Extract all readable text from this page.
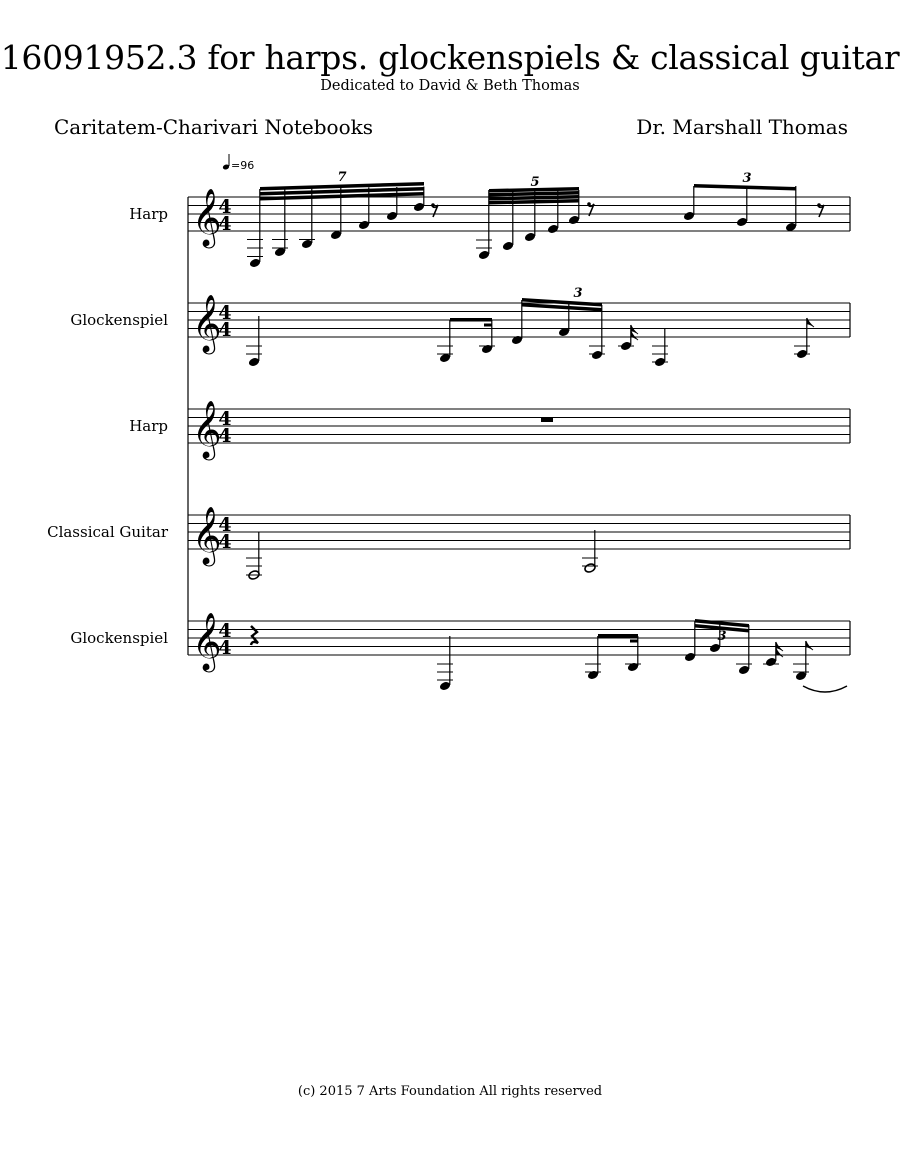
16091952.3 for harps. glockenspiels & classical guitar
Dedicated to David & Beth Thomas
Caritatem-Charivari Notebooks	Dr. Marshall Thomas
=96
Harp 𝄞
4
4
Glockenspiel 𝄞
4
4
Harp 𝄞
4
4
Classical Guitar 𝄞
4
4
Glockenspiel 𝄞
4
4
7	5	3
3
3
(c) 2015 7 Arts Foundation All rights reserved
